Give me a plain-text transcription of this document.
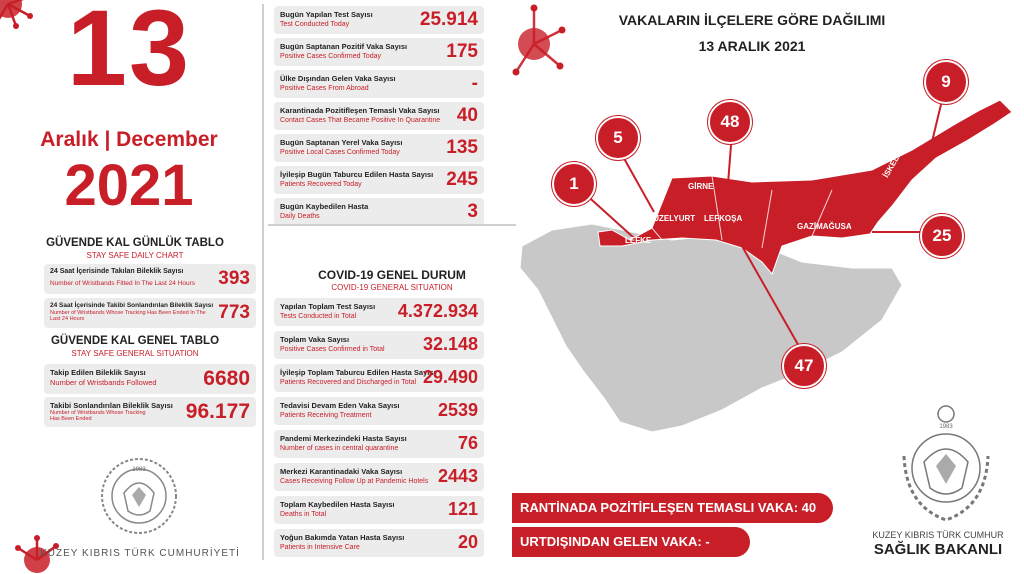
13
Aralık | December
2021
GÜVENDE KAL GÜNLÜK TABLO
STAY SAFE DAILY CHART
24 Saat İçerisinde Takılan Bileklik Sayısı
Number of Wristbands Fitted In The Last 24 Hours 393
24 Saat İçerisinde Takibi Sonlandırılan Bileklik Sayısı
Number of Wristbands Whose Tracking Has Been Ended In The Last 24 Hours	773
GÜVENDE KAL GENEL TABLO
STAY SAFE GENERAL SITUATION
Takip Edilen Bileklik Sayısı
Number of Wristbands Followed 6680
Takibi Sonlandırılan Bileklik Sayısı
Number of Wristbands Whose Tracking Has Been Ended	96.177
1983
KUZEY KIBRIS TÜRK CUMHURİYETİ
Bugün Yapılan Test Sayısı
Test Conducted Today	25.914
Bugün Saptanan Pozitif Vaka Sayısı
Positive Cases Confirmed Today	175
Ülke Dışından Gelen Vaka Sayısı
Positive Cases From Abroad	-
Karantinada Pozitifleşen Temaslı Vaka Sayısı
Contact Cases That Became Positive In Quarantine 40
Bugün Saptanan Yerel Vaka Sayısı
Positive Local Cases Confirmed Today 135
İyileşip Bugün Taburcu Edilen Hasta Sayısı
Patients Recovered Today	245
Bugün Kaybedilen Hasta
Daily Deaths	3
COVID-19 GENEL DURUM
COVID-19 GENERAL SITUATION
Yapılan Toplam Test Sayısı
Tests Conducted in Total 4.372.934
Toplam Vaka Sayısı
Positive Cases Confirmed in Total 32.148
İyileşip Toplam Taburcu Edilen Hasta Sayısı
Patients Recovered and Discharged in Total 29.490
Tedavisi Devam Eden Vaka Sayısı
Patients Receiving Treatment	2539
Pandemi Merkezindeki Hasta Sayısı
Number of cases in central quarantine	76
Merkezi Karantinadaki Vaka Sayısı
Cases Receiving Follow Up at Pandemic Hotels 2443
Toplam Kaybedilen Hasta Sayısı
Deaths in Total	121
Yoğun Bakımda Yatan Hasta Sayısı
Patients in Intensive Care	20
VAKALARIN İLÇELERE GÖRE DAĞILIMI
13 ARALIK 2021
1
LEFKE
5
GÜZELYURT
48
GİRNE
9
İSKELE
25
GAZİMAĞUSA
47
LEFKOŞA
RANTİNADA POZİTİFLEŞEN TEMASLI VAKA: 40
URTDIŞINDAN GELEN VAKA: -
1983
KUZEY KIBRIS TÜRK CUMHUR
SAĞLIK BAKANLI
